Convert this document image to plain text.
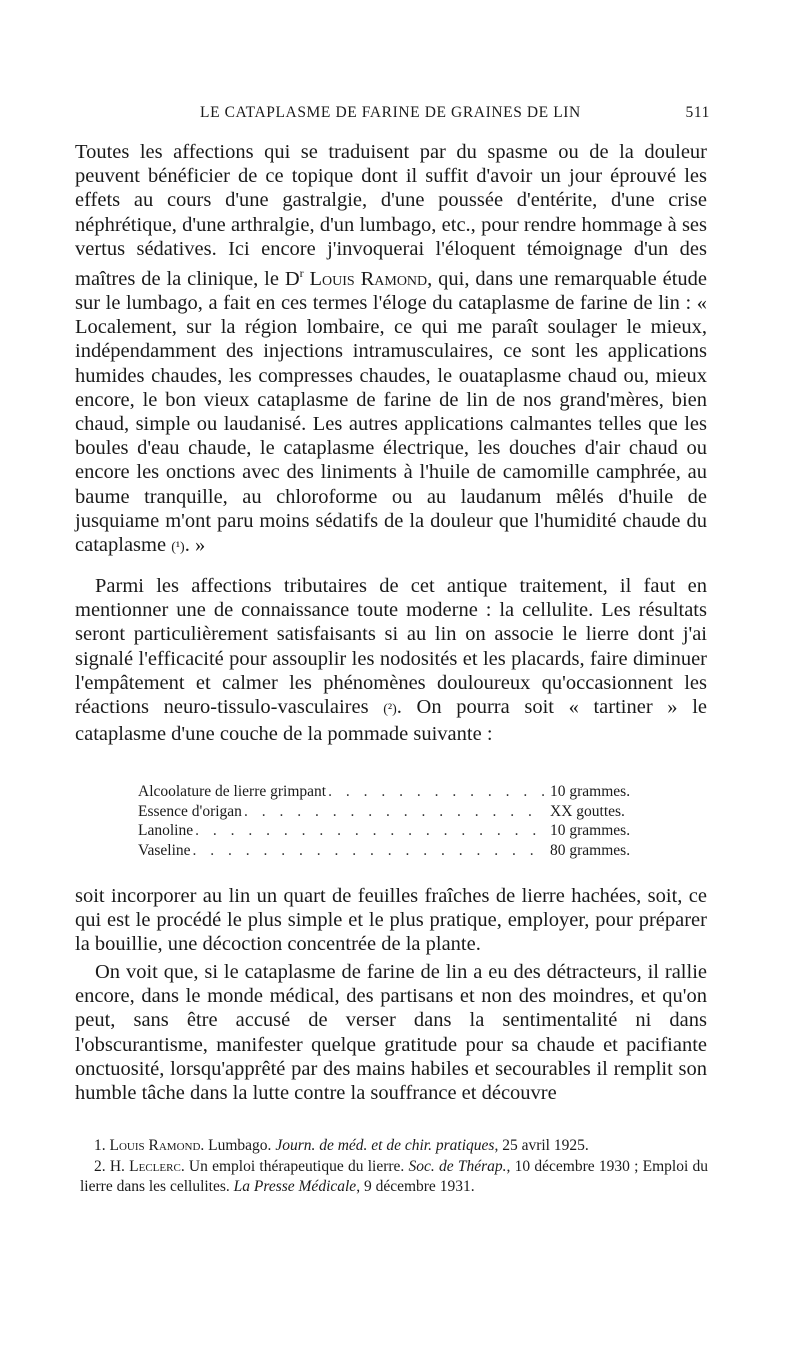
LE CATAPLASME DE FARINE DE GRAINES DE LIN	511

Toutes les affections qui se traduisent par du spasme ou de la douleur peuvent bénéficier de ce topique dont il suffit d'avoir un jour éprouvé les effets au cours d'une gastralgie, d'une poussée d'entérite, d'une crise néphrétique, d'une arthralgie, d'un lumbago, etc., pour rendre hommage à ses vertus sédatives. Ici encore j'invoquerai l'éloquent témoignage d'un des maîtres de la clinique, le $D^r$ Louis Ramond, qui, dans une remarquable étude sur le lumbago, a fait en ces termes l'éloge du cataplasme de farine de lin : « Localement, sur la région lombaire, ce qui me paraît soulager le mieux, indépendamment des injections intramusculaires, ce sont les applications humides chaudes, les compresses chaudes, le ouataplasme chaud ou, mieux encore, le bon vieux cataplasme de farine de lin de nos grand'mères, bien chaud, simple ou laudanisé. Les autres applications calmantes telles que les boules d'eau chaude, le cataplasme électrique, les douches d'air chaud ou encore les onctions avec des liniments à l'huile de camomille camphrée, au baume tranquille, au chloroforme ou au laudanum mêlés d'huile de jusquiame m'ont paru moins sédatifs de la douleur que l'humidité chaude du cataplasme (¹). »

Parmi les affections tributaires de cet antique traitement, il faut en mentionner une de connaissance toute moderne : la cellulite. Les résultats seront particulièrement satisfaisants si au lin on associe le lierre dont j'ai signalé l'efficacité pour assouplir les nodosités et les placards, faire diminuer l'empâtement et calmer les phénomènes douloureux qu'occasionnent les réactions neuro-tissulo-vasculaires (²). On pourra soit « tartiner » le cataplasme d'une couche de la pommade suivante :

Alcoolature de lierre grimpant . . .	10 grammes.
Essence d'origan . . .	XX gouttes.
Lanoline . . .	10 grammes.
Vaseline . . .	80 grammes.

soit incorporer au lin un quart de feuilles fraîches de lierre hachées, soit, ce qui est le procédé le plus simple et le plus pratique, employer, pour préparer la bouillie, une décoction concentrée de la plante.

On voit que, si le cataplasme de farine de lin a eu des détracteurs, il rallie encore, dans le monde médical, des partisans et non des moindres, et qu'on peut, sans être accusé de verser dans la sentimentalité ni dans l'obscurantisme, manifester quelque gratitude pour sa chaude et pacifiante onctuosité, lorsqu'apprêté par des mains habiles et secourables il remplit son humble tâche dans la lutte contre la souffrance et découvre

1. Louis Ramond. Lumbago. Journ. de méd. et de chir. pratiques, 25 avril 1925.
2. H. Leclerc. Un emploi thérapeutique du lierre. Soc. de Thérap., 10 décembre 1930 ; Emploi du lierre dans les cellulites. La Presse Médicale, 9 décembre 1931.
